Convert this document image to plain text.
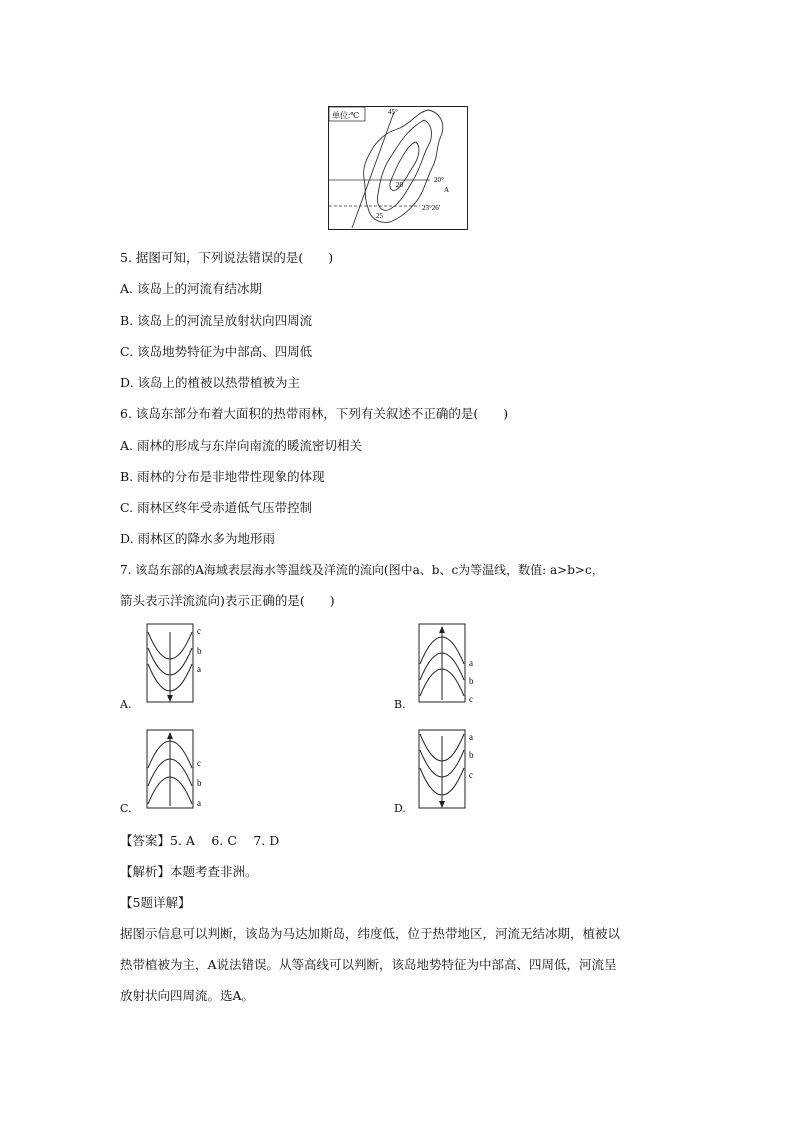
单位:℃	45°
20°
20
A
23°26′
25
5. 据图可知，下列说法错误的是(　　)
A. 该岛上的河流有结冰期
B. 该岛上的河流呈放射状向四周流
C. 该岛地势特征为中部高、四周低
D. 该岛上的植被以热带植被为主
6. 该岛东部分布着大面积的热带雨林，下列有关叙述不正确的是(　　)
A. 雨林的形成与东岸向南流的暖流密切相关
B. 雨林的分布是非地带性现象的体现
C. 雨林区终年受赤道低气压带控制
D. 雨林区的降水多为地形雨
7. 该岛东部的A海域表层海水等温线及洋流的流向(图中a、b、c为等温线，数值: a>b>c，
箭头表示洋流流向)表示正确的是(　　)
A.
c
b
a
B.
a
b
c
C.
c
b
a	D.
a
b
c
【答案】5. A　 6. C　 7. D
【解析】本题考查非洲。
【5题详解】
据图示信息可以判断，该岛为马达加斯岛，纬度低，位于热带地区，河流无结冰期，植被以
热带植被为主，A说法错误。从等高线可以判断，该岛地势特征为中部高、四周低，河流呈
放射状向四周流。选A。
